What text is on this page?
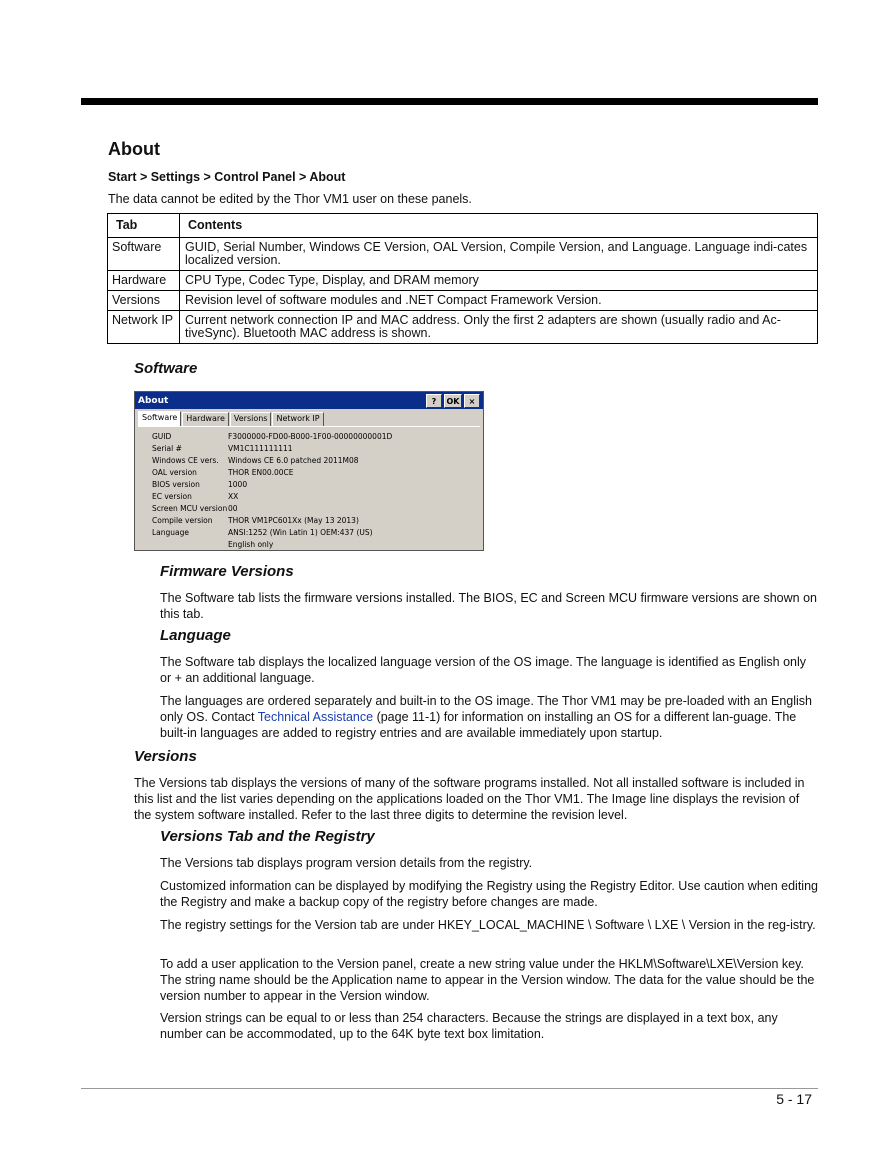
About

Start > Settings > Control Panel > About

The data cannot be edited by the Thor VM1 user on these panels.

Tab	Contents
Software	GUID, Serial Number, Windows CE Version, OAL Version, Compile Version, and Language. Language indi-cates localized version.
Hardware	CPU Type, Codec Type, Display, and DRAM memory
Versions	Revision level of software modules and .NET Compact Framework Version.
Network IP	Current network connection IP and MAC address. Only the first 2 adapters are shown (usually radio and Ac-tiveSync). Bluetooth MAC address is shown.
Software
About	?	OK	×
Software	Hardware	Versions	Network IP
GUID	F3000000-FD00-B000-1F00-00000000001D
Serial #	VM1C111111111
Windows CE vers. Windows CE 6.0 patched 2011M08
OAL version	THOR EN00.00CE
BIOS version	1000
EC version	XX
Screen MCU version 00
Compile version THOR VM1PC601Xx (May 13 2013)
Language	ANSI:1252 (Win Latin 1) OEM:437 (US)
English only
Firmware Versions

The Software tab lists the firmware versions installed. The BIOS, EC and Screen MCU firmware versions are shown on this tab.

Language

The Software tab displays the localized language version of the OS image. The language is identified as English only or + an additional language.

The languages are ordered separately and built-in to the OS image. The Thor VM1 may be pre-loaded with an English only OS. Contact Technical Assistance (page 11-1) for information on installing an OS for a different lan-guage. The built-in languages are added to registry entries and are available immediately upon startup.

Versions

The Versions tab displays the versions of many of the software programs installed. Not all installed software is included in this list and the list varies depending on the applications loaded on the Thor VM1. The Image line displays the revision of the system software installed. Refer to the last three digits to determine the revision level.

Versions Tab and the Registry

The Versions tab displays program version details from the registry.

Customized information can be displayed by modifying the Registry using the Registry Editor. Use caution when editing the Registry and make a backup copy of the registry before changes are made.

The registry settings for the Version tab are under HKEY_LOCAL_MACHINE \ Software \ LXE \ Version in the reg-istry.

To add a user application to the Version panel, create a new string value under the HKLM\Software\LXE\Version key. The string name should be the Application name to appear in the Version window. The data for the value should be the version number to appear in the Version window.

Version strings can be equal to or less than 254 characters. Because the strings are displayed in a text box, any number can be accommodated, up to the 64K byte text box limitation.

5 - 17
